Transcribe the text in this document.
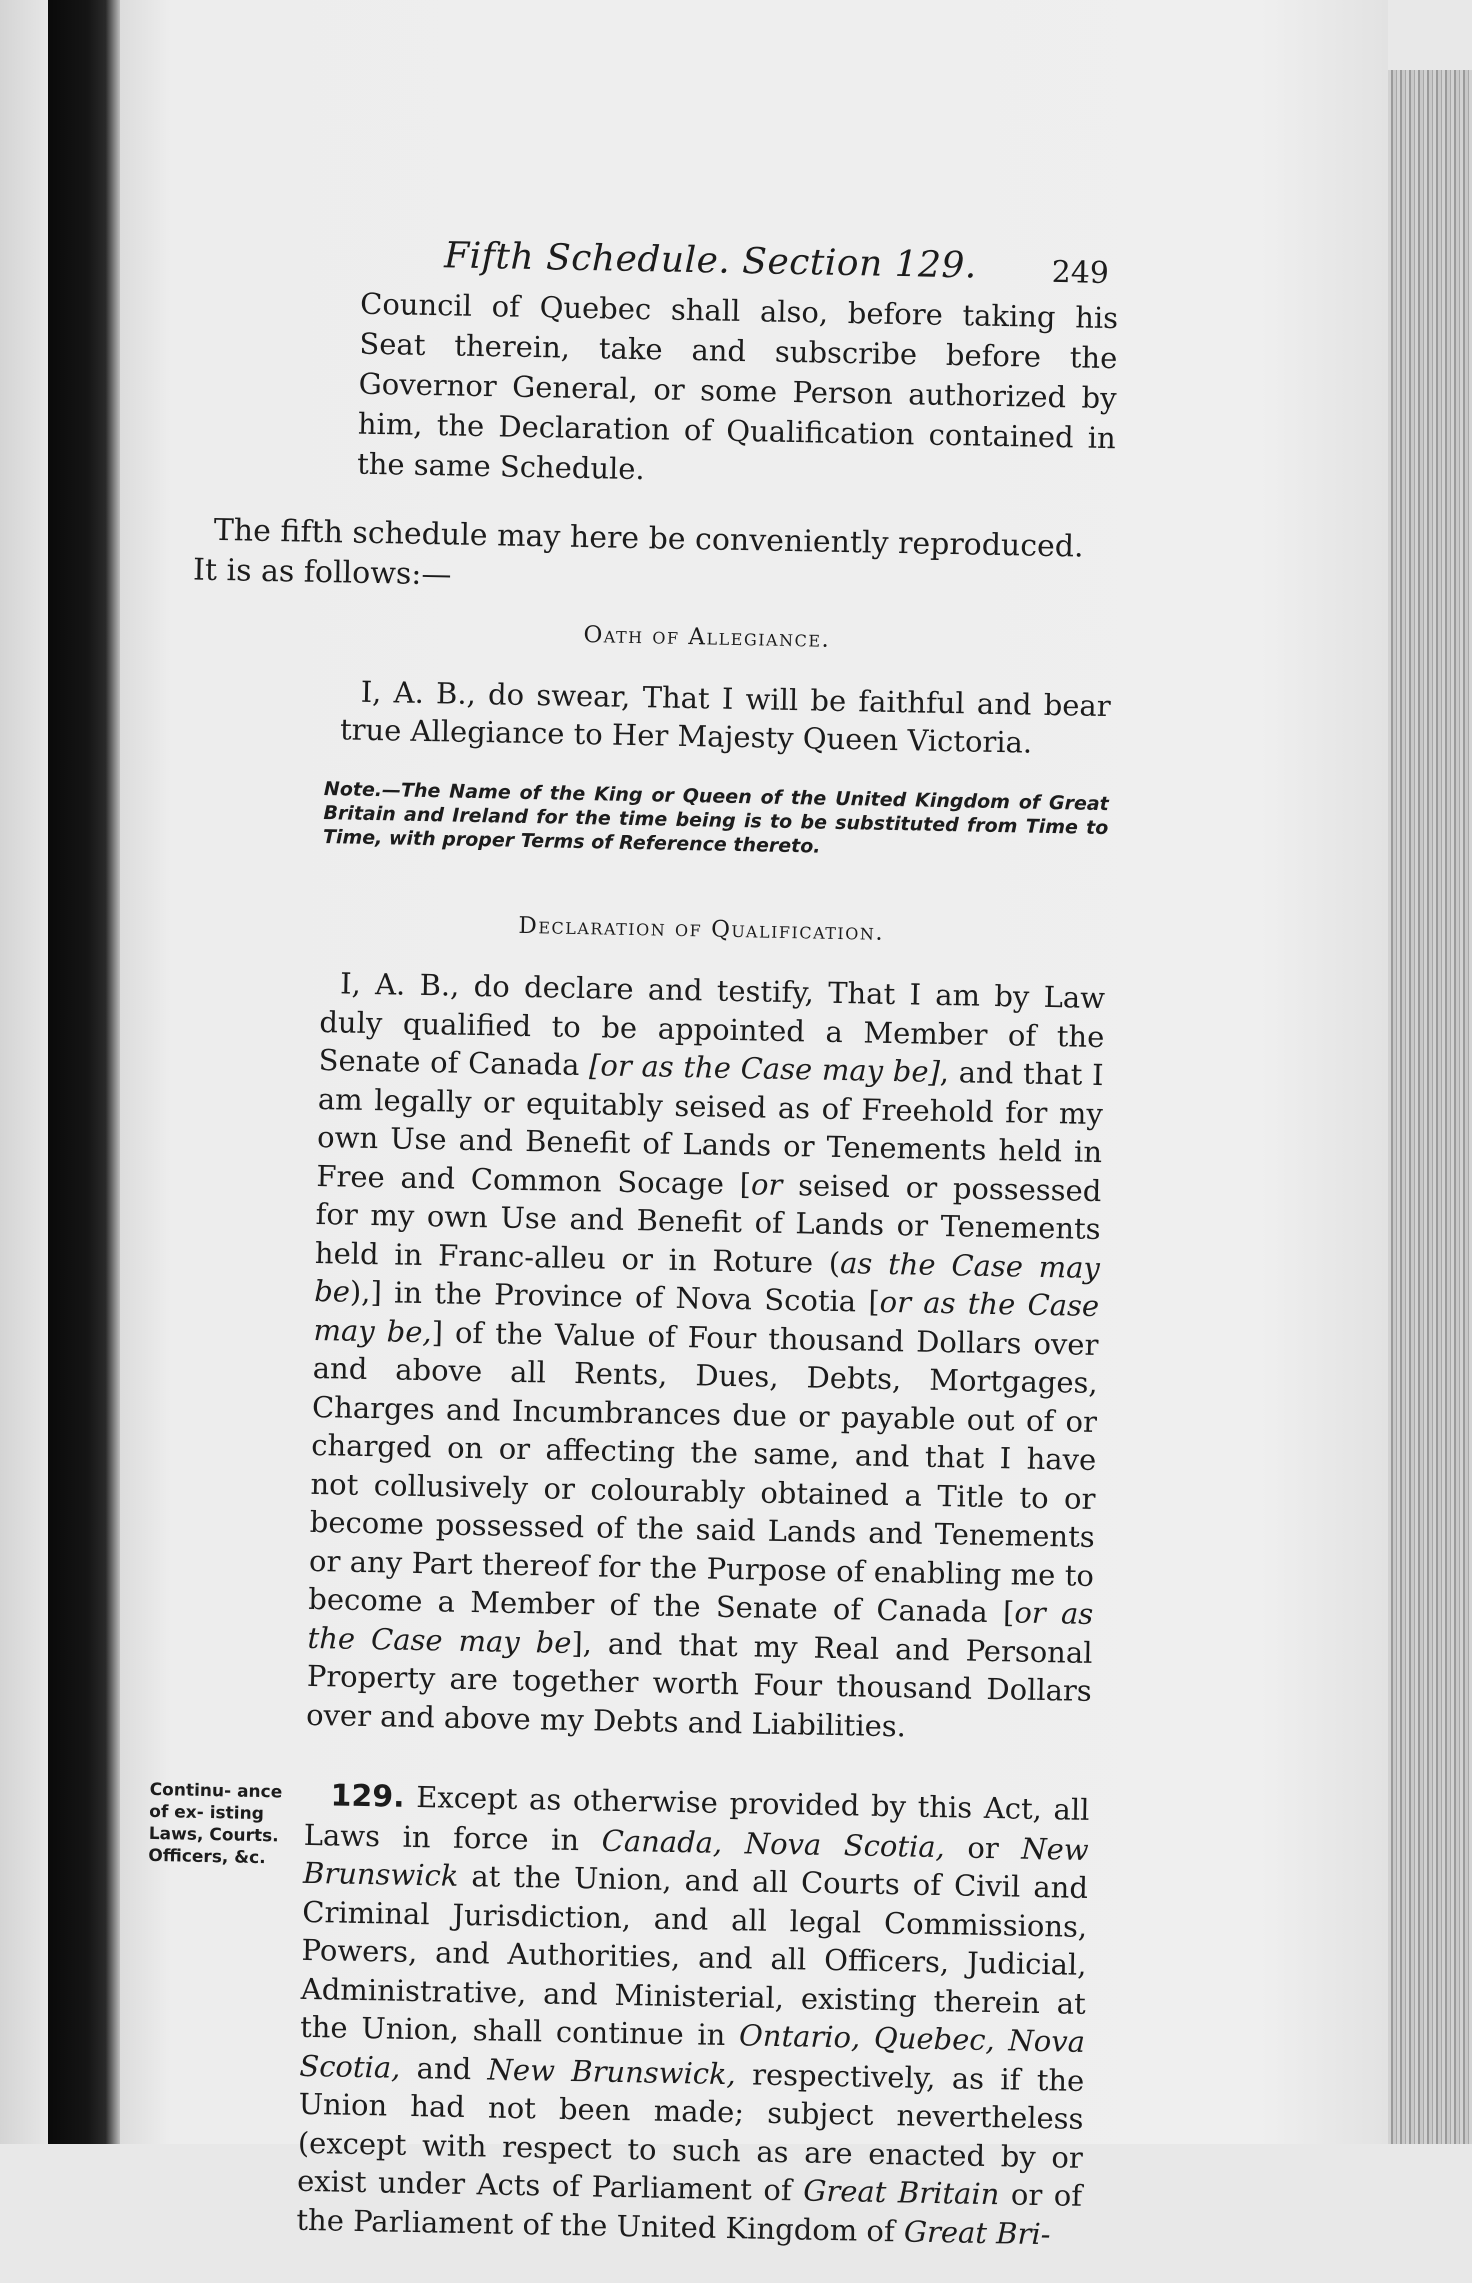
Fifth Schedule. Section 129. 249

Council of Quebec shall also, before taking his Seat therein, take and subscribe before the Governor General, or some Person authorized by him, the Declaration of Qualification contained in the same Schedule.

The fifth schedule may here be conveniently reproduced.

It is as follows:—

Oath of Allegiance.

I, A. B., do swear, That I will be faithful and bear true Allegiance to Her Majesty Queen Victoria.

Note.—The Name of the King or Queen of the United Kingdom of Great Britain and Ireland for the time being is to be substituted from Time to Time, with proper Terms of Reference thereto.

Declaration of Qualification.

I, A. B., do declare and testify, That I am by Law duly qualified to be appointed a Member of the Senate of Canada [or as the Case may be], and that I am legally or equitably seised as of Freehold for my own Use and Benefit of Lands or Tenements held in Free and Common Socage [or seised or possessed for my own Use and Benefit of Lands or Tenements held in Franc-alleu or in Roture (as the Case may be),] in the Province of Nova Scotia [or as the Case may be,] of the Value of Four thousand Dollars over and above all Rents, Dues, Debts, Mortgages, Charges and Incumbrances due or payable out of or charged on or affecting the same, and that I have not collusively or colourably obtained a Title to or become possessed of the said Lands and Tenements or any Part thereof for the Purpose of enabling me to become a Member of the Senate of Canada [or as the Case may be], and that my Real and Personal Property are together worth Four thousand Dollars over and above my Debts and Liabilities.

Continu- ance of ex- isting Laws, Courts. Officers, &c.

129. Except as otherwise provided by this Act, all Laws in force in Canada, Nova Scotia, or New Brunswick at the Union, and all Courts of Civil and Criminal Jurisdiction, and all legal Commissions, Powers, and Authorities, and all Officers, Judicial, Administrative, and Ministerial, existing therein at the Union, shall continue in Ontario, Quebec, Nova Scotia, and New Brunswick, respectively, as if the Union had not been made; subject nevertheless (except with respect to such as are enacted by or exist under Acts of Parliament of Great Britain or of the Parliament of the United Kingdom of Great Bri-
